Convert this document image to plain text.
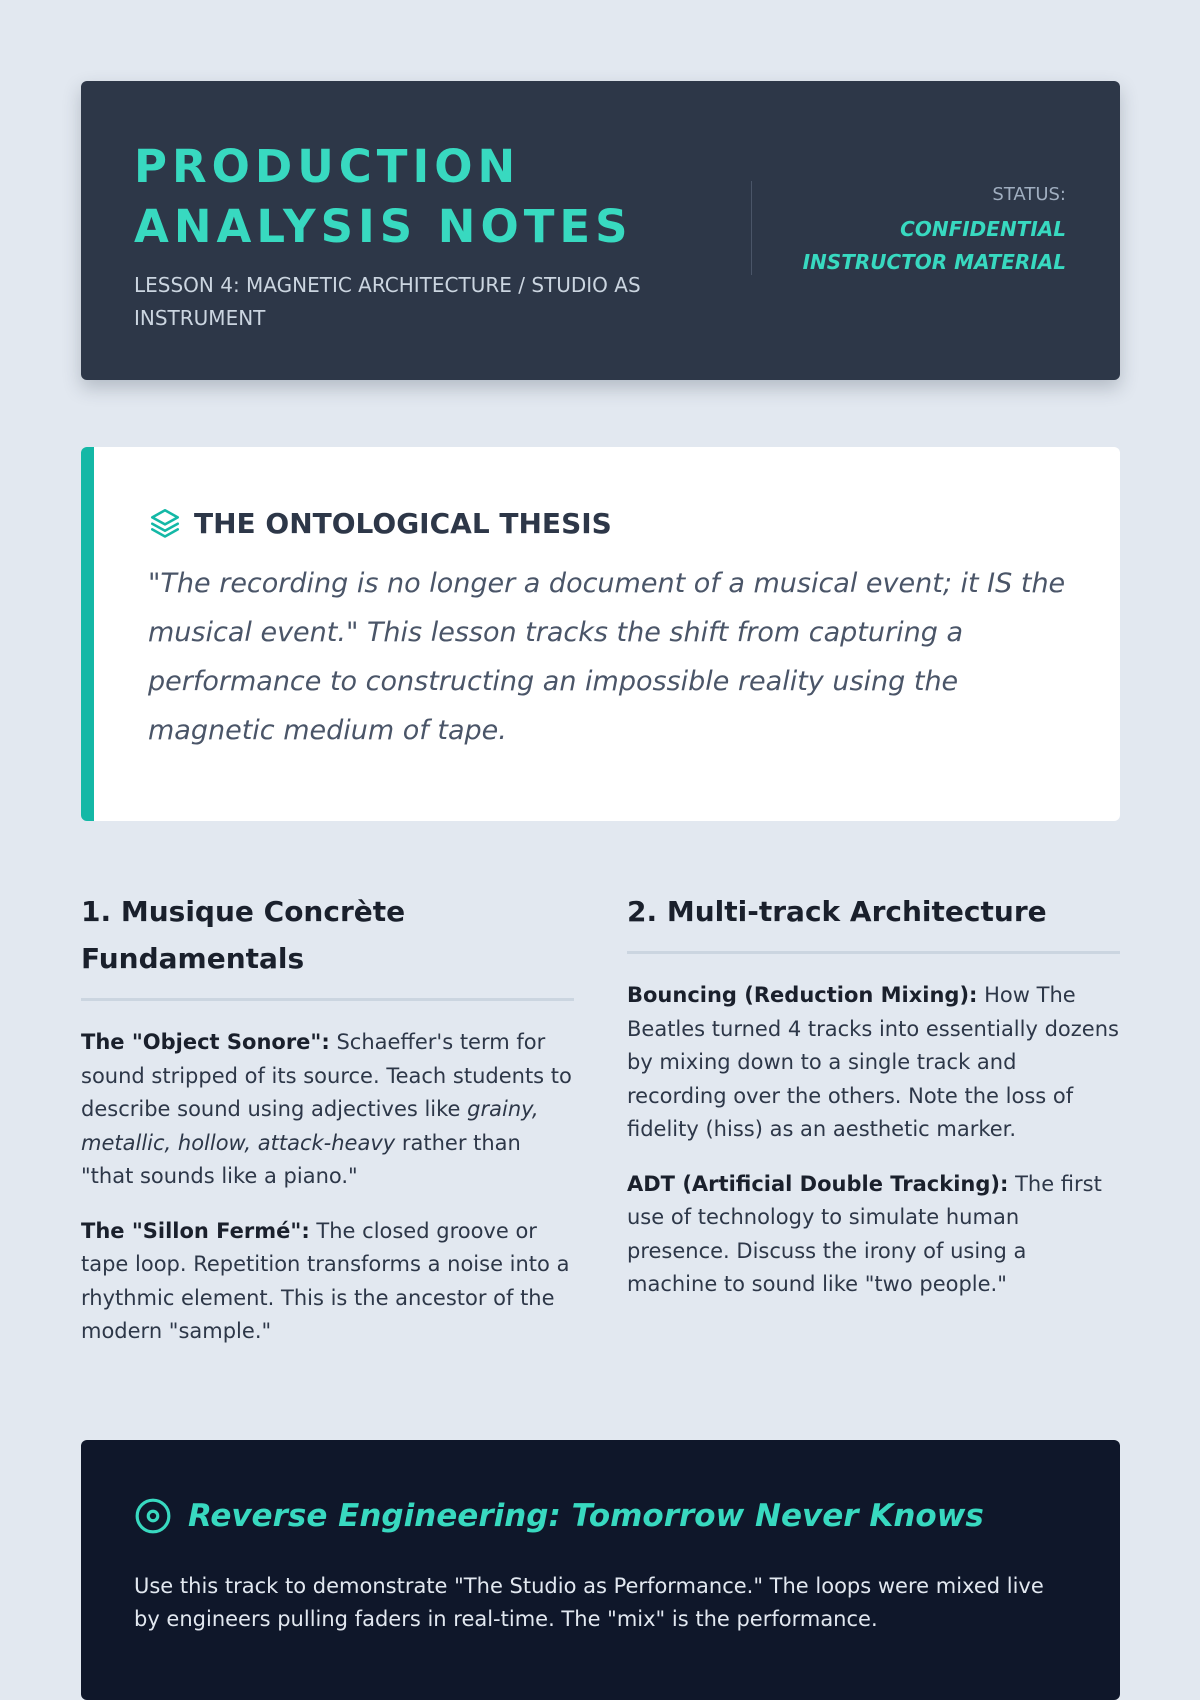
PRODUCTION ANALYSIS NOTES
LESSON 4: MAGNETIC ARCHITECTURE / STUDIO AS INSTRUMENT
STATUS:
CONFIDENTIAL INSTRUCTOR MATERIAL
THE ONTOLOGICAL THESIS
"The recording is no longer a document of a musical event; it IS the musical event." This lesson tracks the shift from capturing a performance to constructing an impossible reality using the magnetic medium of tape.
1. Musique Concrète Fundamentals

The "Object Sonore": Schaeffer's term for sound stripped of its source. Teach students to describe sound using adjectives like grainy, metallic, hollow, attack-heavy rather than "that sounds like a piano."

The "Sillon Fermé": The closed groove or tape loop. Repetition transforms a noise into a rhythmic element. This is the ancestor of the modern "sample."

2. Multi-track Architecture

Bouncing (Reduction Mixing): How The Beatles turned 4 tracks into essentially dozens by mixing down to a single track and recording over the others. Note the loss of fidelity (hiss) as an aesthetic marker.

ADT (Artificial Double Tracking): The first use of technology to simulate human presence. Discuss the irony of using a machine to sound like "two people."

Reverse Engineering: Tomorrow Never Knows
Use this track to demonstrate "The Studio as Performance." The loops were mixed live by engineers pulling faders in real-time. The "mix" is the performance.
